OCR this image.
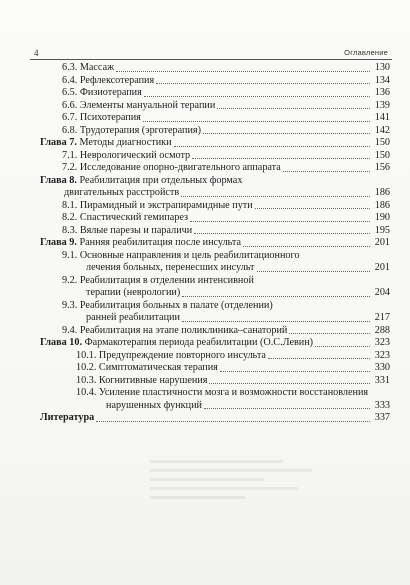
4	Оглавление
6.3. Массаж	130
6.4. Рефлексотерапия	134
6.5. Физиотерапия	136
6.6. Элементы мануальной терапии	139
6.7. Психотерапия	141
6.8. Трудотерапия (эрготерапия)	142
Глава 7. Методы диагностики	150
7.1. Неврологический осмотр	150
7.2. Исследование опорно-двигательного аппарата	156
Глава 8. Реабилитация при отдельных формах
двигательных расстройств	186
8.1. Пирамидный и экстрапирамидные пути	186
8.2. Спастический гемипарез	190
8.3. Вялые парезы и параличи	195
Глава 9. Ранняя реабилитация после инсульта	201
9.1. Основные направления и цель реабилитационного
лечения больных, перенесших инсульт	201
9.2. Реабилитация в отделении интенсивной
терапии (неврологии)	204
9.3. Реабилитация больных в палате (отделении)
ранней реабилитации	217
9.4. Реабилитация на этапе поликлиника–санаторий	288
Глава 10. Фармакотерапия периода реабилитации (О.С.Левин)	323
10.1. Предупреждение повторного инсульта	323
10.2. Симптоматическая терапия	330
10.3. Когнитивные нарушения	331
10.4. Усиление пластичности мозга и возможности восстановления
нарушенных функций	333
Литература	337
